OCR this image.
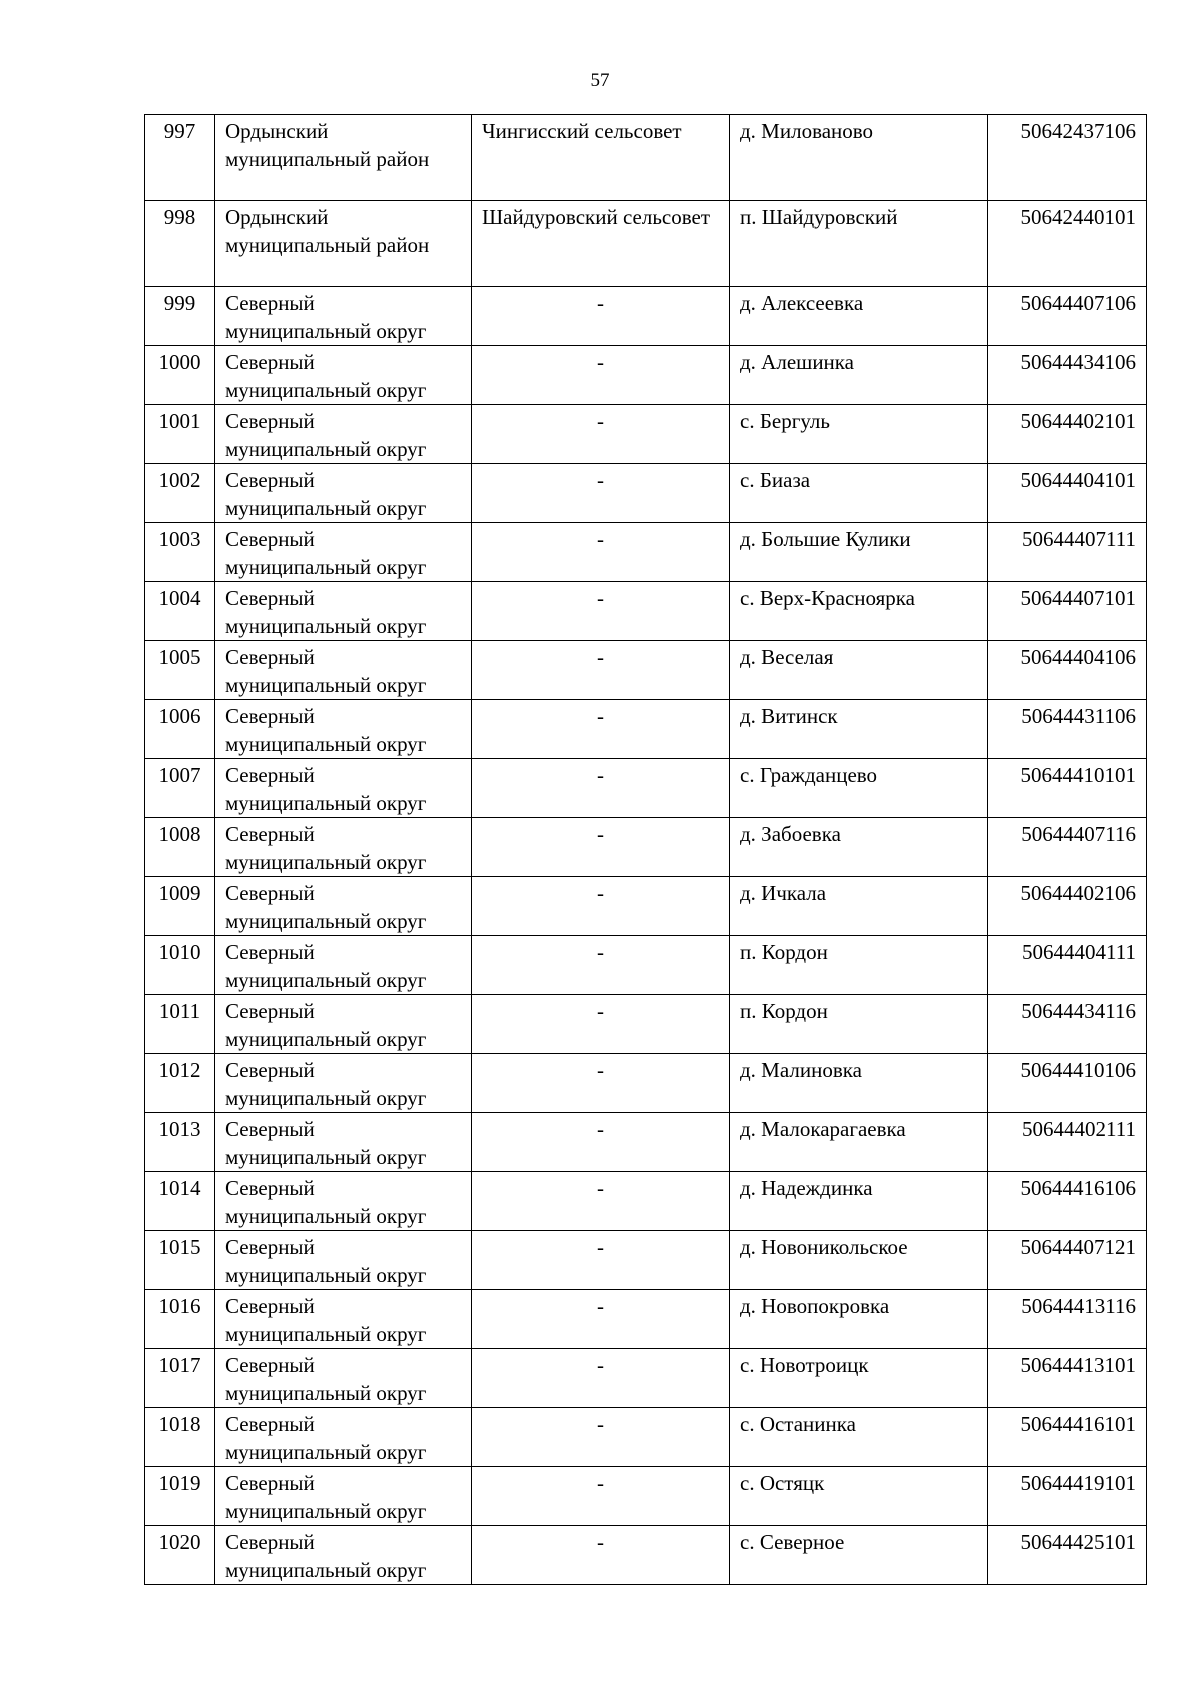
57
997	Ордынский муниципальный район	Чингисский сельсовет	д. Милованово	50642437106
998	Ордынский муниципальный район	Шайдуровский сельсовет	п. Шайдуровский	50642440101
999	Северный муниципальный округ	-	д. Алексеевка	50644407106
1000	Северный муниципальный округ	-	д. Алешинка	50644434106
1001	Северный муниципальный округ	-	с. Бергуль	50644402101
1002	Северный муниципальный округ	-	с. Биаза	50644404101
1003	Северный муниципальный округ	-	д. Большие Кулики	50644407111
1004	Северный муниципальный округ	-	с. Верх-Красноярка	50644407101
1005	Северный муниципальный округ	-	д. Веселая	50644404106
1006	Северный муниципальный округ	-	д. Витинск	50644431106
1007	Северный муниципальный округ	-	с. Гражданцево	50644410101
1008	Северный муниципальный округ	-	д. Забоевка	50644407116
1009	Северный муниципальный округ	-	д. Ичкала	50644402106
1010	Северный муниципальный округ	-	п. Кордон	50644404111
1011	Северный муниципальный округ	-	п. Кордон	50644434116
1012	Северный муниципальный округ	-	д. Малиновка	50644410106
1013	Северный муниципальный округ	-	д. Малокарагаевка	50644402111
1014	Северный муниципальный округ	-	д. Надеждинка	50644416106
1015	Северный муниципальный округ	-	д. Новоникольское	50644407121
1016	Северный муниципальный округ	-	д. Новопокровка	50644413116
1017	Северный муниципальный округ	-	с. Новотроицк	50644413101
1018	Северный муниципальный округ	-	с. Останинка	50644416101
1019	Северный муниципальный округ	-	с. Остяцк	50644419101
1020	Северный муниципальный округ	-	с. Северное	50644425101
